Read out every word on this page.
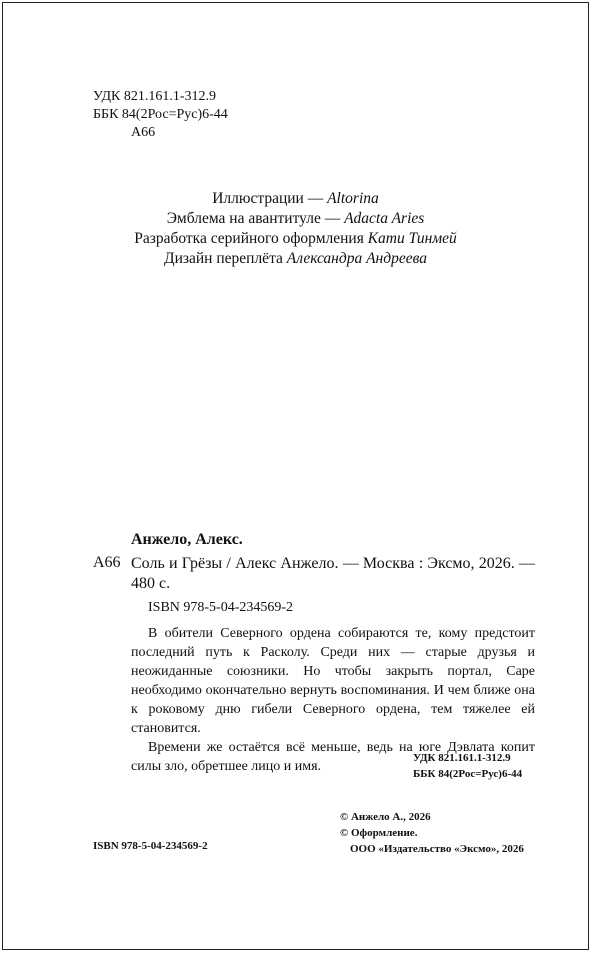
УДК 821.161.1-312.9
ББК 84(2Рос=Рус)6-44
А66
Иллюстрации — Altorina
Эмблема на авантитуле — Adacta Aries
Разработка серийного оформления Кати Тинмей
Дизайн переплёта Александра Андреева
Анжело, Алекс.
А66 Соль и Грёзы / Алекс Анжело. — Москва : Эксмо, 2026. — 480 с.
ISBN 978-5-04-234569-2

В обители Северного ордена собираются те, кому предстоит последний путь к Расколу. Среди них — старые друзья и неожиданные союзники. Но чтобы закрыть портал, Саре необходимо окончательно вернуть воспоминания. И чем ближе она к роковому дню гибели Северного ордена, тем тяжелее ей становится.

Времени же остаётся всё меньше, ведь на юге Дэвлата копит силы зло, обретшее лицо и имя.

УДК 821.161.1-312.9
ББК 84(2Рос=Рус)6-44
© Анжело А., 2026
© Оформление.
ООО «Издательство «Эксмо», 2026
ISBN 978-5-04-234569-2
